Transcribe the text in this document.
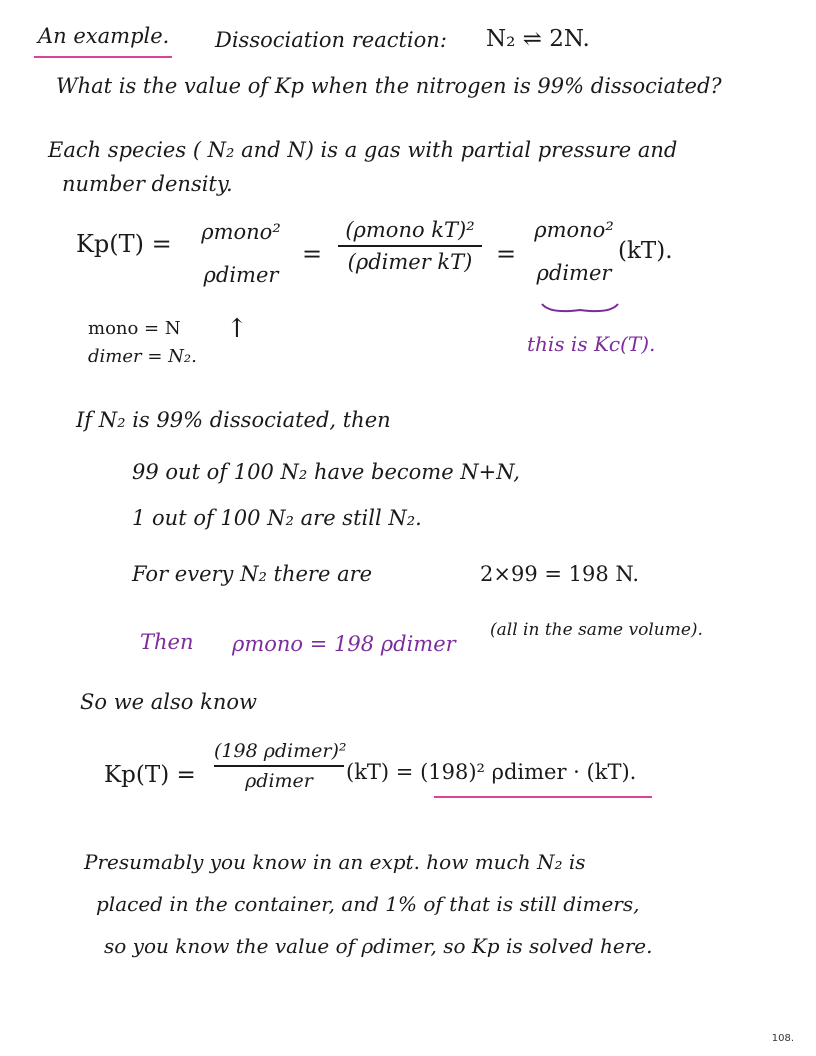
An example. Dissociation reaction: N₂ ⇌ 2N.
What is the value of Kp when the nitrogen is 99% dissociated?
Each species ( N₂ and N) is a gas with partial pressure and
number density.
Kp(T) = ρmono²
ρdimer
=
(ρmono kT)²
(ρdimer kT) =
ρmono²
ρdimer
(kT).
this is Kc(T).
mono = N
dimer = N₂.
↑
If N₂ is 99% dissociated, then
99 out of 100 N₂ have become N+N,
1 out of 100 N₂ are still N₂.
For every N₂ there are	2×99 = 198 N.
Then ρmono = 198 ρdimer
(all in the same volume).
So we also know
Kp(T) =
(198 ρdimer)²
ρdimer	(kT) = (198)² ρdimer · (kT).
Presumably you know in an expt. how much N₂ is
placed in the container, and 1% of that is still dimers,
so you know the value of ρdimer, so Kp is solved here.
108.
